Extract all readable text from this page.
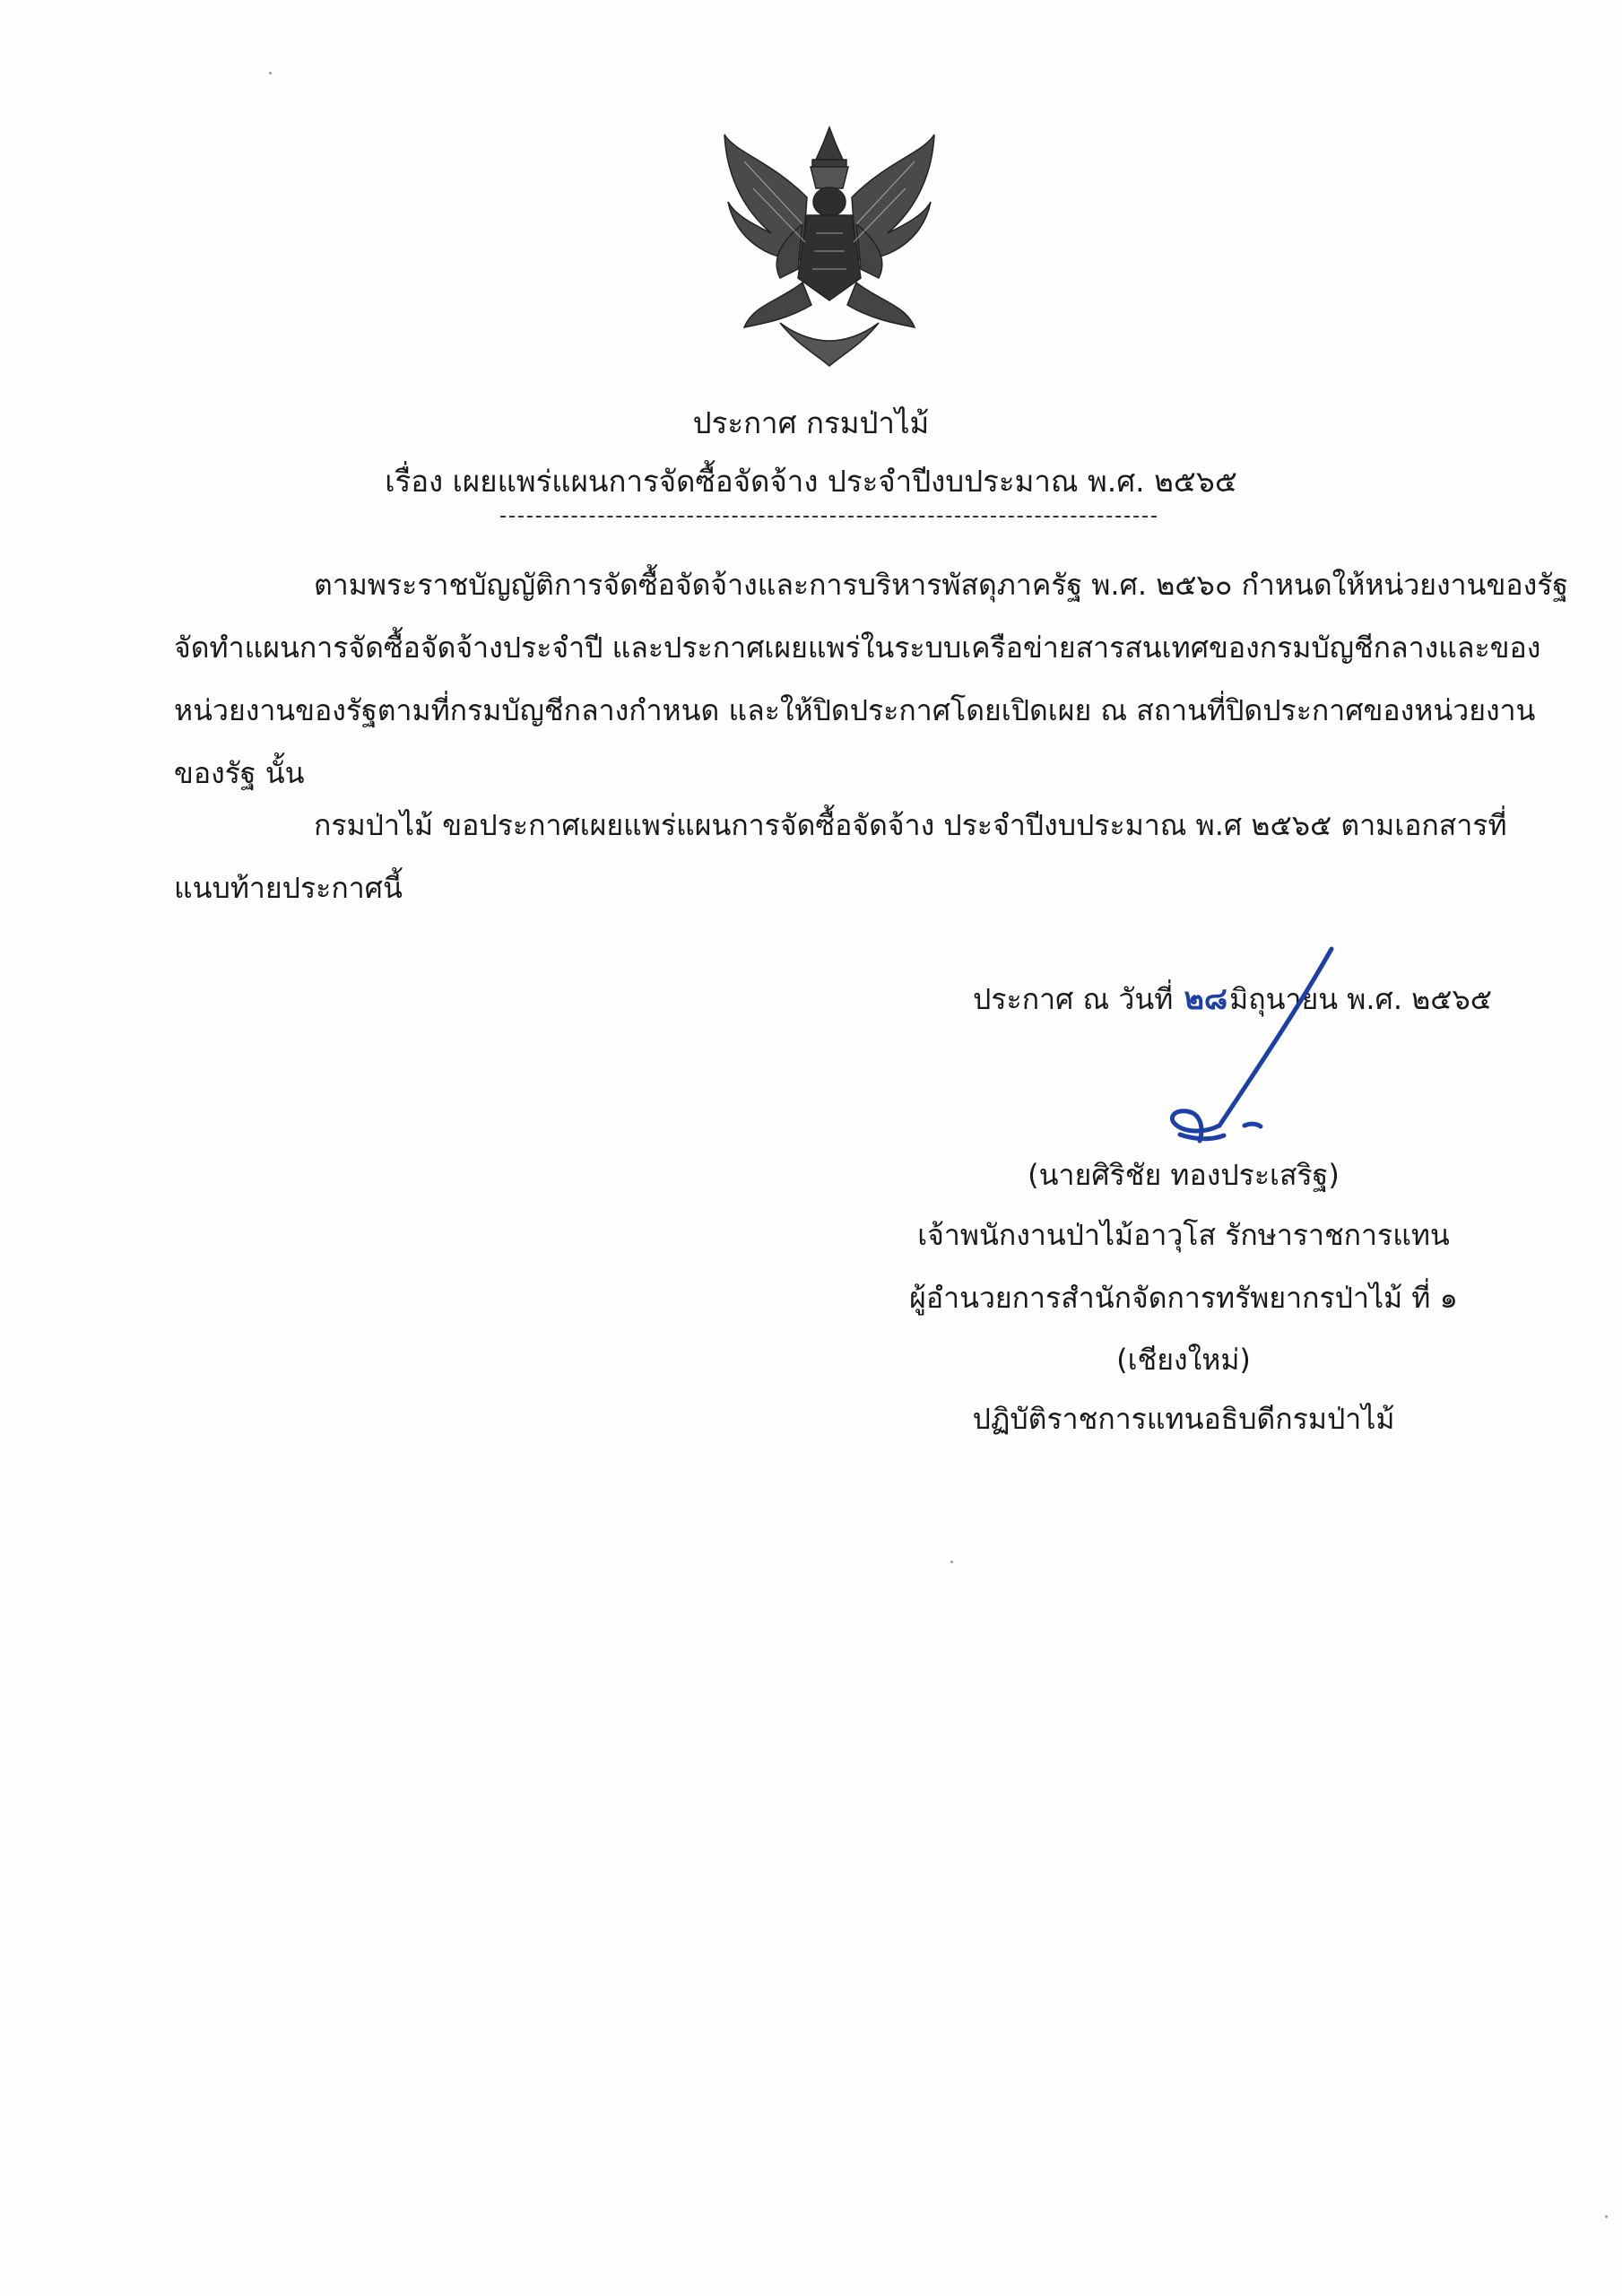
ประกาศ กรมป่าไม้
เรื่อง เผยแพร่แผนการจัดซื้อจัดจ้าง ประจำปีงบประมาณ พ.ศ. ๒๕๖๕
ตามพระราชบัญญัติการจัดซื้อจัดจ้างและการบริหารพัสดุภาครัฐ พ.ศ. ๒๕๖๐ กำหนดให้หน่วยงานของรัฐ
จัดทำแผนการจัดซื้อจัดจ้างประจำปี และประกาศเผยแพร่ในระบบเครือข่ายสารสนเทศของกรมบัญชีกลางและของ
หน่วยงานของรัฐตามที่กรมบัญชีกลางกำหนด และให้ปิดประกาศโดยเปิดเผย ณ สถานที่ปิดประกาศของหน่วยงาน
ของรัฐ นั้น
กรมป่าไม้ ขอประกาศเผยแพร่แผนการจัดซื้อจัดจ้าง ประจำปีงบประมาณ พ.ศ ๒๕๖๕ ตามเอกสารที่
แนบท้ายประกาศนี้
ประกาศ ณ วันที่ ๒๘มิถุนายน พ.ศ. ๒๕๖๕
(นายศิริชัย ทองประเสริฐ)
เจ้าพนักงานป่าไม้อาวุโส รักษาราชการแทน
ผู้อำนวยการสำนักจัดการทรัพยากรป่าไม้ ที่ ๑
(เชียงใหม่)
ปฏิบัติราชการแทนอธิบดีกรมป่าไม้
